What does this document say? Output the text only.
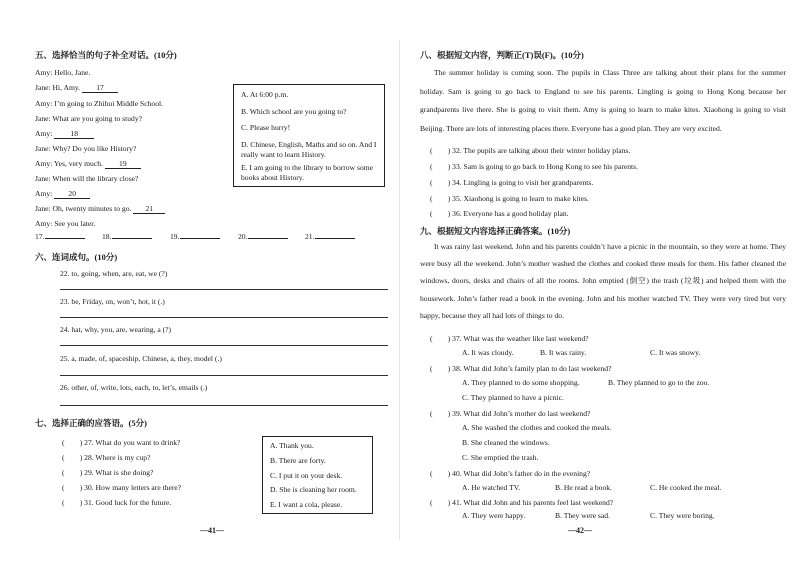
五、选择恰当的句子补全对话。(10分)
Amy: Hello, Jane.
Jane: Hi, Amy. 17
Amy: I’m going to Zhihui Middle School.
Jane: What are you going to study?
Amy: 18
Jane: Why? Do you like History?
Amy: Yes, very much. 19
Jane: When will the library close?
Amy: 20
Jane: Oh, twenty minutes to go. 21
Amy: See you later.
A. At 6:00 p.m.
B. Which school are you going to?
C. Please hurry!
D. Chinese, English, Maths and so on. And I really want to learn History.
E. I am going to the library to borrow some books about History.
17.	18.	19.	20.	21.
六、连词成句。(10分)
22. to, going, when, are, eat, we (?)
23. be, Friday, on, won’t, hot, it (.)
24. hat, why, you, are, wearing, a (?)
25. a, made, of, spaceship, Chinese, a, they, model (.)
26. other, of, write, lots, each, to, let’s, emails (.)
七、选择正确的应答语。(5分)
(　　) 27. What do you want to drink?
(　　) 28. Where is my cup?
(　　) 29. What is she doing?
(　　) 30. How many letters are there?
(　　) 31. Good luck for the future.
A. Thank you.
B. There are forty.
C. I put it on your desk.
D. She is cleaning her room.
E. I want a cola, please.
—41—
八、根据短文内容，判断正(T)误(F)。(10分)
The summer holiday is coming soon. The pupils in Class Three are talking about their plans for the summer holiday. Sam is going to go back to England to see his parents. Lingling is going to Hong Kong because her grandparents live there. She is going to visit them. Amy is going to learn to make kites. Xiaohong is going to visit Beijing. There are lots of interesting places there. Everyone has a good plan. They are very excited.
(　　) 32. The pupils are talking about their winter holiday plans.
(　　) 33. Sam is going to go back to Hong Kong to see his parents.
(　　) 34. Lingling is going to visit her grandparents.
(　　) 35. Xiaohong is going to learn to make kites.
(　　) 36. Everyone has a good holiday plan.
九、根据短文内容选择正确答案。(10分)
It was rainy last weekend. John and his parents couldn’t have a picnic in the mountain, so they were at home. They were busy all the weekend. John’s mother washed the clothes and cooked three meals for them. His father cleaned the windows, doors, desks and chairs of all the rooms. John emptied (倒空) the trash (垃圾) and helped them with the housework. John’s father read a book in the evening. John and his mother watched TV. They were very tired but very happy, because they all had lots of things to do.
(　　) 37. What was the weather like last weekend?
A. It was cloudy.	B. It was rainy.	C. It was snowy.
(　　) 38. What did John’s family plan to do last weekend?
A. They planned to do some shopping.	B. They planned to go to the zoo.
C. They planned to have a picnic.
(　　) 39. What did John’s mother do last weekend?
A. She washed the clothes and cooked the meals.
B. She cleaned the windows.
C. She emptied the trash.
(　　) 40. What did John’s father do in the evening?
A. He watched TV.	B. He read a book.	C. He cooked the meal.
(　　) 41. What did John and his parents feel last weekend?
A. They were happy.	B. They were sad.	C. They were boring.
—42—
